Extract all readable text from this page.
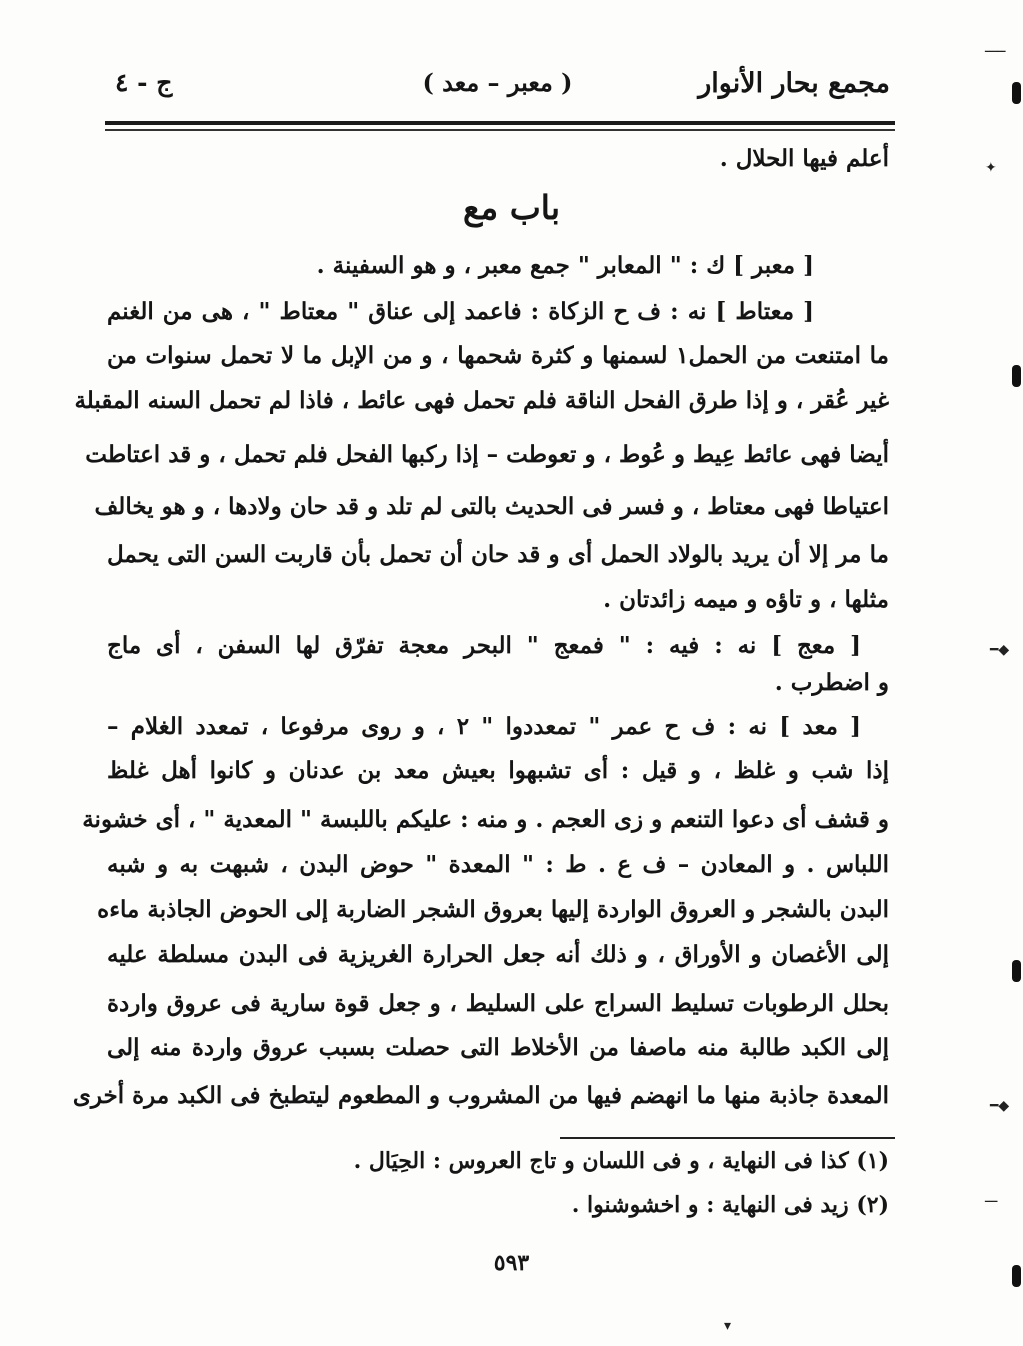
مجمع بحار الأنوار
( معبر – معد )
ج - ٤
باب مع
أعلم فيها الحلال .
[ معبر ] ك : " المعابر " جمع معبر ، و هو السفينة .
[ معتاط ] نه : ف ح الزكاة : فاعمد إلى عناق " معتاط " ، هى من الغنم
ما امتنعت من الحمل١ لسمنها و كثرة شحمها ، و من الإبل ما لا تحمل سنوات من
غير عُقر ، و إذا طرق الفحل الناقة فلم تحمل فهى عائط ، فاذا لم تحمل السنه المقبلة
أيضا فهى عائط عِيط و عُوط ، و تعوطت – إذا ركبها الفحل فلم تحمل ، و قد اعتاطت
اعتياطا فهى معتاط ، و فسر فى الحديث بالتى لم تلد و قد حان ولادها ، و هو يخالف
ما مر إلا أن يريد بالولاد الحمل أى و قد حان أن تحمل بأن قاربت السن التى يحمل
مثلها ، و تاؤه و ميمه زائدتان .
[ معج ] نه : فيه : " فمعج " البحر معجة تفرّق لها السفن ، أى ماج
و اضطرب .
[ معد ] نه : ف ح عمر " تمعددوا " ٢ ، و روى مرفوعا ، تمعدد الغلام –
إذا شب و غلظ ، و قيل : أى تشبهوا بعيش معد بن عدنان و كانوا أهل غلظ
و قشف أى دعوا التنعم و زى العجم . و منه : عليكم باللبسة " المعدية " ، أى خشونة
اللباس . و المعادن – ف ع . ط : " المعدة " حوض البدن ، شبهت به و شبه
البدن بالشجر و العروق الواردة إليها بعروق الشجر الضاربة إلى الحوض الجاذبة ماءه
إلى الأغصان و الأوراق ، و ذلك أنه جعل الحرارة الغريزية فى البدن مسلطة عليه
بحلل الرطوبات تسليط السراج على السليط ، و جعل قوة سارية فى عروق واردة
إلى الكبد طالبة منه ماصفا من الأخلاط التى حصلت بسبب عروق واردة منه إلى
المعدة جاذبة منها ما انهضم فيها من المشروب و المطعوم ليتطبخ فى الكبد مرة أخرى
(١) كذا فى النهاية ، و فى اللسان و تاج العروس : الحِيَال .
(٢) زيد فى النهاية : و اخشوشنوا .
٥٩٣
ـــــ
✦
━◆
━◆
ـــ
▾
